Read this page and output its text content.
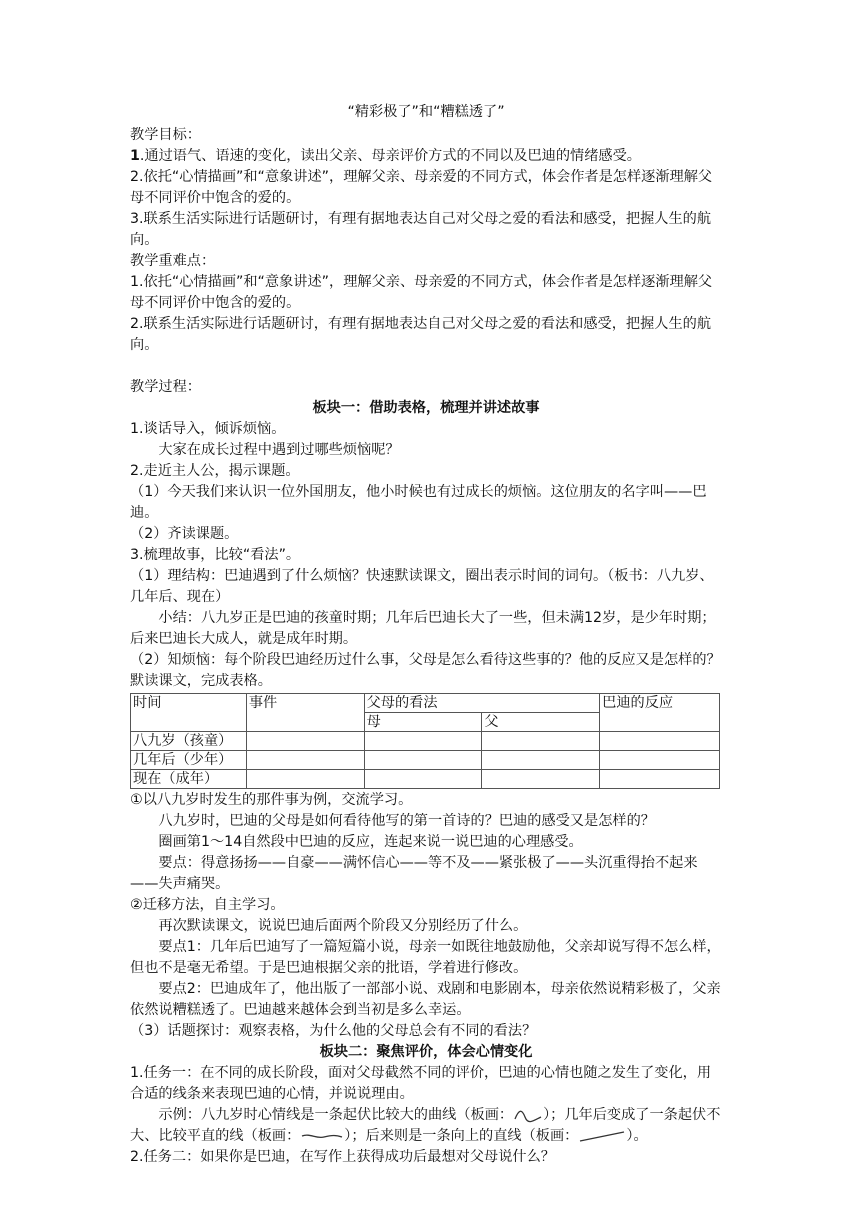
“精彩极了”和“糟糕透了”

教学目标：

1.通过语气、语速的变化，读出父亲、母亲评价方式的不同以及巴迪的情绪感受。

2.依托“心情描画”和“意象讲述”，理解父亲、母亲爱的不同方式，体会作者是怎样逐渐理解父母不同评价中饱含的爱的。

3.联系生活实际进行话题研讨，有理有据地表达自己对父母之爱的看法和感受，把握人生的航向。

教学重难点：

1.依托“心情描画”和“意象讲述”，理解父亲、母亲爱的不同方式，体会作者是怎样逐渐理解父母不同评价中饱含的爱的。

2.联系生活实际进行话题研讨，有理有据地表达自己对父母之爱的看法和感受，把握人生的航向。

教学过程：

板块一：借助表格，梳理并讲述故事

1.谈话导入，倾诉烦恼。

大家在成长过程中遇到过哪些烦恼呢？

2.走近主人公，揭示课题。

（1）今天我们来认识一位外国朋友，他小时候也有过成长的烦恼。这位朋友的名字叫——巴迪。

（2）齐读课题。

3.梳理故事，比较“看法”。

（1）理结构：巴迪遇到了什么烦恼？快速默读课文，圈出表示时间的词句。（板书：八九岁、几年后、现在）

小结：八九岁正是巴迪的孩童时期；几年后巴迪长大了一些，但未满12岁，是少年时期；后来巴迪长大成人，就是成年时期。

（2）知烦恼：每个阶段巴迪经历过什么事，父母是怎么看待这些事的？他的反应又是怎样的？默读课文，完成表格。

时间	事件	父母的看法		巴迪的反应
		母	父	
八九岁（孩童）				
几年后（少年）				
现在（成年）				

①以八九岁时发生的那件事为例，交流学习。

八九岁时，巴迪的父母是如何看待他写的第一首诗的？巴迪的感受又是怎样的？

圈画第1～14自然段中巴迪的反应，连起来说一说巴迪的心理感受。

要点：得意扬扬——自豪——满怀信心——等不及——紧张极了——头沉重得抬不起来——失声痛哭。

②迁移方法，自主学习。

再次默读课文，说说巴迪后面两个阶段又分别经历了什么。

要点1：几年后巴迪写了一篇短篇小说，母亲一如既往地鼓励他，父亲却说写得不怎么样，但也不是毫无希望。于是巴迪根据父亲的批语，学着进行修改。

要点2：巴迪成年了，他出版了一部部小说、戏剧和电影剧本，母亲依然说精彩极了，父亲依然说糟糕透了。巴迪越来越体会到当初是多么幸运。

（3）话题探讨：观察表格，为什么他的父母总会有不同的看法？

板块二：聚焦评价，体会心情变化

1.任务一：在不同的成长阶段，面对父母截然不同的评价，巴迪的心情也随之发生了变化，用合适的线条来表现巴迪的心情，并说说理由。

示例：八九岁时心情线是一条起伏比较大的曲线（板画： ）；几年后变成了一条起伏不大、比较平直的线（板画：	）；后来则是一条向上的直线（板画：	）。

2.任务二：如果你是巴迪，在写作上获得成功后最想对父母说什么？
